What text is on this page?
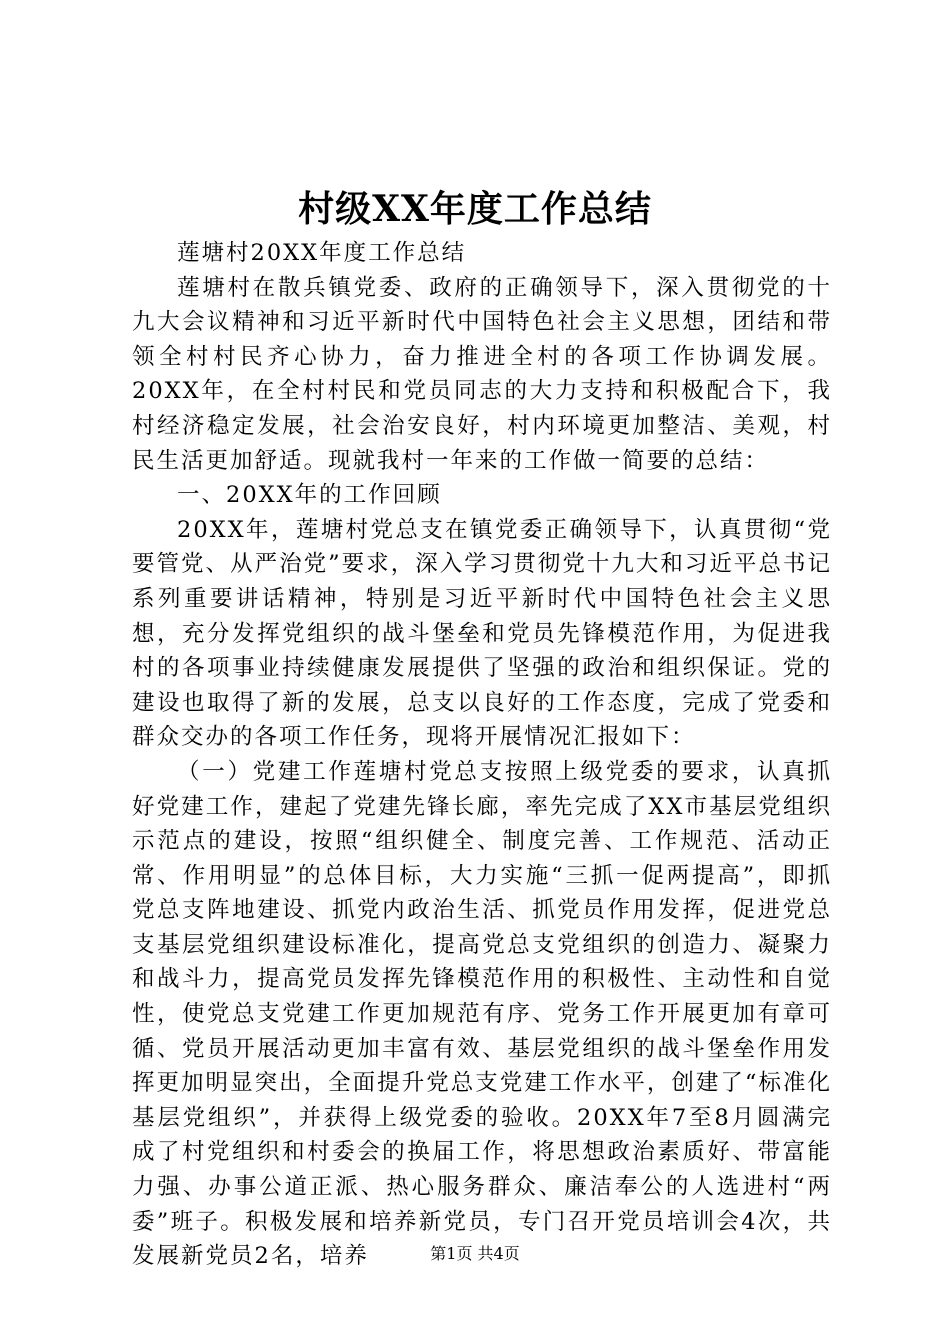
村级XX年度工作总结

莲塘村20XX年度工作总结

莲塘村在散兵镇党委、政府的正确领导下，深入贯彻党的十九大会议精神和习近平新时代中国特色社会主义思想，团结和带领全村村民齐心协力，奋力推进全村的各项工作协调发展。20XX年，在全村村民和党员同志的大力支持和积极配合下，我村经济稳定发展，社会治安良好，村内环境更加整洁、美观，村民生活更加舒适。现就我村一年来的工作做一简要的总结：

一、20XX年的工作回顾

20XX年，莲塘村党总支在镇党委正确领导下，认真贯彻“党要管党、从严治党”要求，深入学习贯彻党十九大和习近平总书记系列重要讲话精神，特别是习近平新时代中国特色社会主义思想，充分发挥党组织的战斗堡垒和党员先锋模范作用，为促进我村的各项事业持续健康发展提供了坚强的政治和组织保证。党的建设也取得了新的发展，总支以良好的工作态度，完成了党委和群众交办的各项工作任务，现将开展情况汇报如下：

（一）党建工作莲塘村党总支按照上级党委的要求，认真抓好党建工作，建起了党建先锋长廊，率先完成了XX市基层党组织示范点的建设，按照“组织健全、制度完善、工作规范、活动正常、作用明显”的总体目标，大力实施“三抓一促两提高”，即抓党总支阵地建设、抓党内政治生活、抓党员作用发挥，促进党总支基层党组织建设标准化，提高党总支党组织的创造力、凝聚力和战斗力，提高党员发挥先锋模范作用的积极性、主动性和自觉性，使党总支党建工作更加规范有序、党务工作开展更加有章可循、党员开展活动更加丰富有效、基层党组织的战斗堡垒作用发挥更加明显突出，全面提升党总支党建工作水平，创建了“标准化基层党组织”，并获得上级党委的验收。20XX年7至8月圆满完成了村党组织和村委会的换届工作，将思想政治素质好、带富能力强、办事公道正派、热心服务群众、廉洁奉公的人选进村“两委”班子。积极发展和培养新党员，专门召开党员培训会4次，共发展新党员2名，培养	第1页 共4页
